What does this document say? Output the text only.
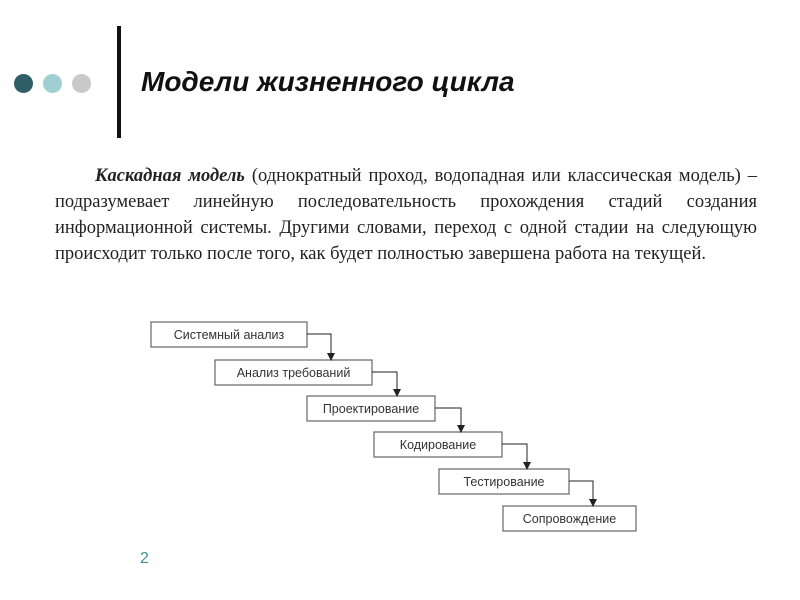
Модели жизненного цикла
Каскадная модель (однократный проход, водопадная или классическая модель) – подразумевает линейную последовательность прохождения стадий создания информационной системы. Другими словами, переход с одной стадии на следующую происходит только после того, как будет полностью завершена работа на текущей.
Системный анализ
Анализ требований
Проектирование
Кодирование
Тестирование
Сопровождение
2
